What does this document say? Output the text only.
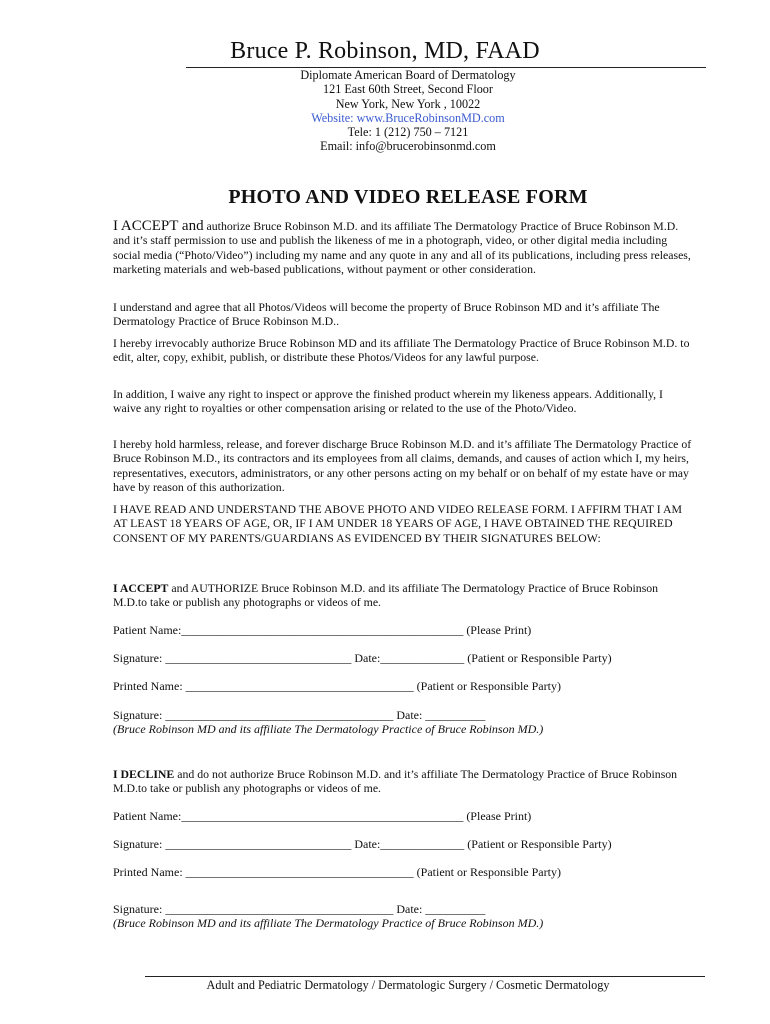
Bruce P. Robinson, MD, FAAD
Diplomate American Board of Dermatology
121 East 60th Street, Second Floor
New York, New York , 10022
Website: www.BruceRobinsonMD.com
Tele: 1 (212) 750 – 7121
Email: info@brucerobinsonmd.com
PHOTO AND VIDEO RELEASE FORM

I ACCEPT and authorize Bruce Robinson M.D. and its affiliate The Dermatology Practice of Bruce Robinson M.D. and it’s staff permission to use and publish the likeness of me in a photograph, video, or other digital media including social media (“Photo/Video”) including my name and any quote in any and all of its publications, including press releases, marketing materials and web-based publications, without payment or other consideration.

I understand and agree that all Photos/Videos will become the property of Bruce Robinson MD and it’s affiliate The Dermatology Practice of Bruce Robinson M.D..

I hereby irrevocably authorize Bruce Robinson MD and its affiliate The Dermatology Practice of Bruce Robinson M.D. to edit, alter, copy, exhibit, publish, or distribute these Photos/Videos for any lawful purpose.

In addition, I waive any right to inspect or approve the finished product wherein my likeness appears. Additionally, I waive any right to royalties or other compensation arising or related to the use of the Photo/Video.

I hereby hold harmless, release, and forever discharge Bruce Robinson M.D. and it’s affiliate The Dermatology Practice of Bruce Robinson M.D., its contractors and its employees from all claims, demands, and causes of action which I, my heirs, representatives, executors, administrators, or any other persons acting on my behalf or on behalf of my estate have or may have by reason of this authorization.

I HAVE READ AND UNDERSTAND THE ABOVE PHOTO AND VIDEO RELEASE FORM. I AFFIRM THAT I AM AT LEAST 18 YEARS OF AGE, OR, IF I AM UNDER 18 YEARS OF AGE, I HAVE OBTAINED THE REQUIRED CONSENT OF MY PARENTS/GUARDIANS AS EVIDENCED BY THEIR SIGNATURES BELOW:

I ACCEPT and AUTHORIZE Bruce Robinson M.D. and its affiliate The Dermatology Practice of Bruce Robinson M.D.to take or publish any photographs or videos of me.

Patient Name:_______________________________________________ (Please Print)
Signature: _______________________________ Date:______________ (Patient or Responsible Party)
Printed Name: ______________________________________ (Patient or Responsible Party)
Signature: ______________________________________ Date: __________
(Bruce Robinson MD and its affiliate The Dermatology Practice of Bruce Robinson MD.)

I DECLINE and do not authorize Bruce Robinson M.D. and it’s affiliate The Dermatology Practice of Bruce Robinson M.D.to take or publish any photographs or videos of me.

Patient Name:_______________________________________________ (Please Print)
Signature: _______________________________ Date:______________ (Patient or Responsible Party)
Printed Name: ______________________________________ (Patient or Responsible Party)
Signature: ______________________________________ Date: __________
(Bruce Robinson MD and its affiliate The Dermatology Practice of Bruce Robinson MD.)
Adult and Pediatric Dermatology / Dermatologic Surgery / Cosmetic Dermatology
